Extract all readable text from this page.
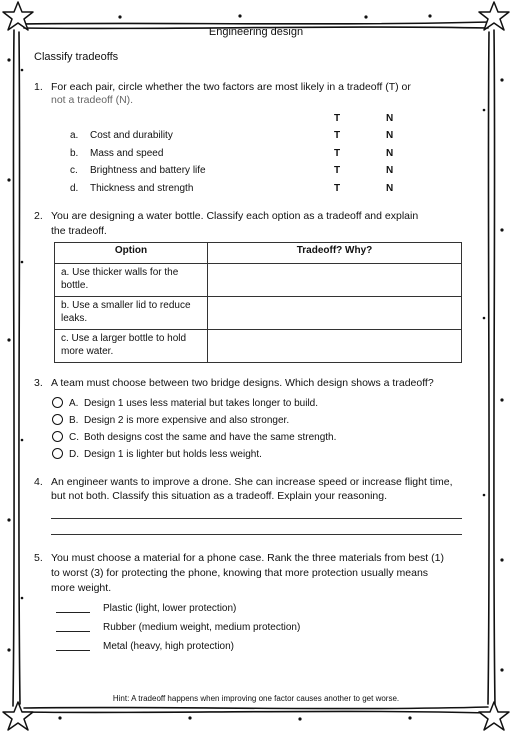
Engineering design
Classify tradeoffs
1. For each pair, circle whether the two factors are most likely in a tradeoff (T) or
not a tradeoff (N).
T	N
a. Cost and durability	T	N
b. Mass and speed	T	N
c. Brightness and battery life	T	N
d. Thickness and strength	T	N
2. You are designing a water bottle. Classify each option as a tradeoff and explain
the tradeoff.
Option	Tradeoff? Why?

a. Use thicker walls for the
bottle.	

b. Use a smaller lid to reduce
leaks.	

c. Use a larger bottle to hold
more water.	

3. A team must choose between two bridge designs. Which design shows a tradeoff?
A. Design 1 uses less material but takes longer to build.
B. Design 2 is more expensive and also stronger.
C. Both designs cost the same and have the same strength.
D. Design 1 is lighter but holds less weight.
4. An engineer wants to improve a drone. She can increase speed or increase flight time,
but not both. Classify this situation as a tradeoff. Explain your reasoning.
5. You must choose a material for a phone case. Rank the three materials from best (1)
to worst (3) for protecting the phone, knowing that more protection usually means
more weight.
Plastic (light, lower protection)
Rubber (medium weight, medium protection)
Metal (heavy, high protection)
Hint: A tradeoff happens when improving one factor causes another to get worse.
